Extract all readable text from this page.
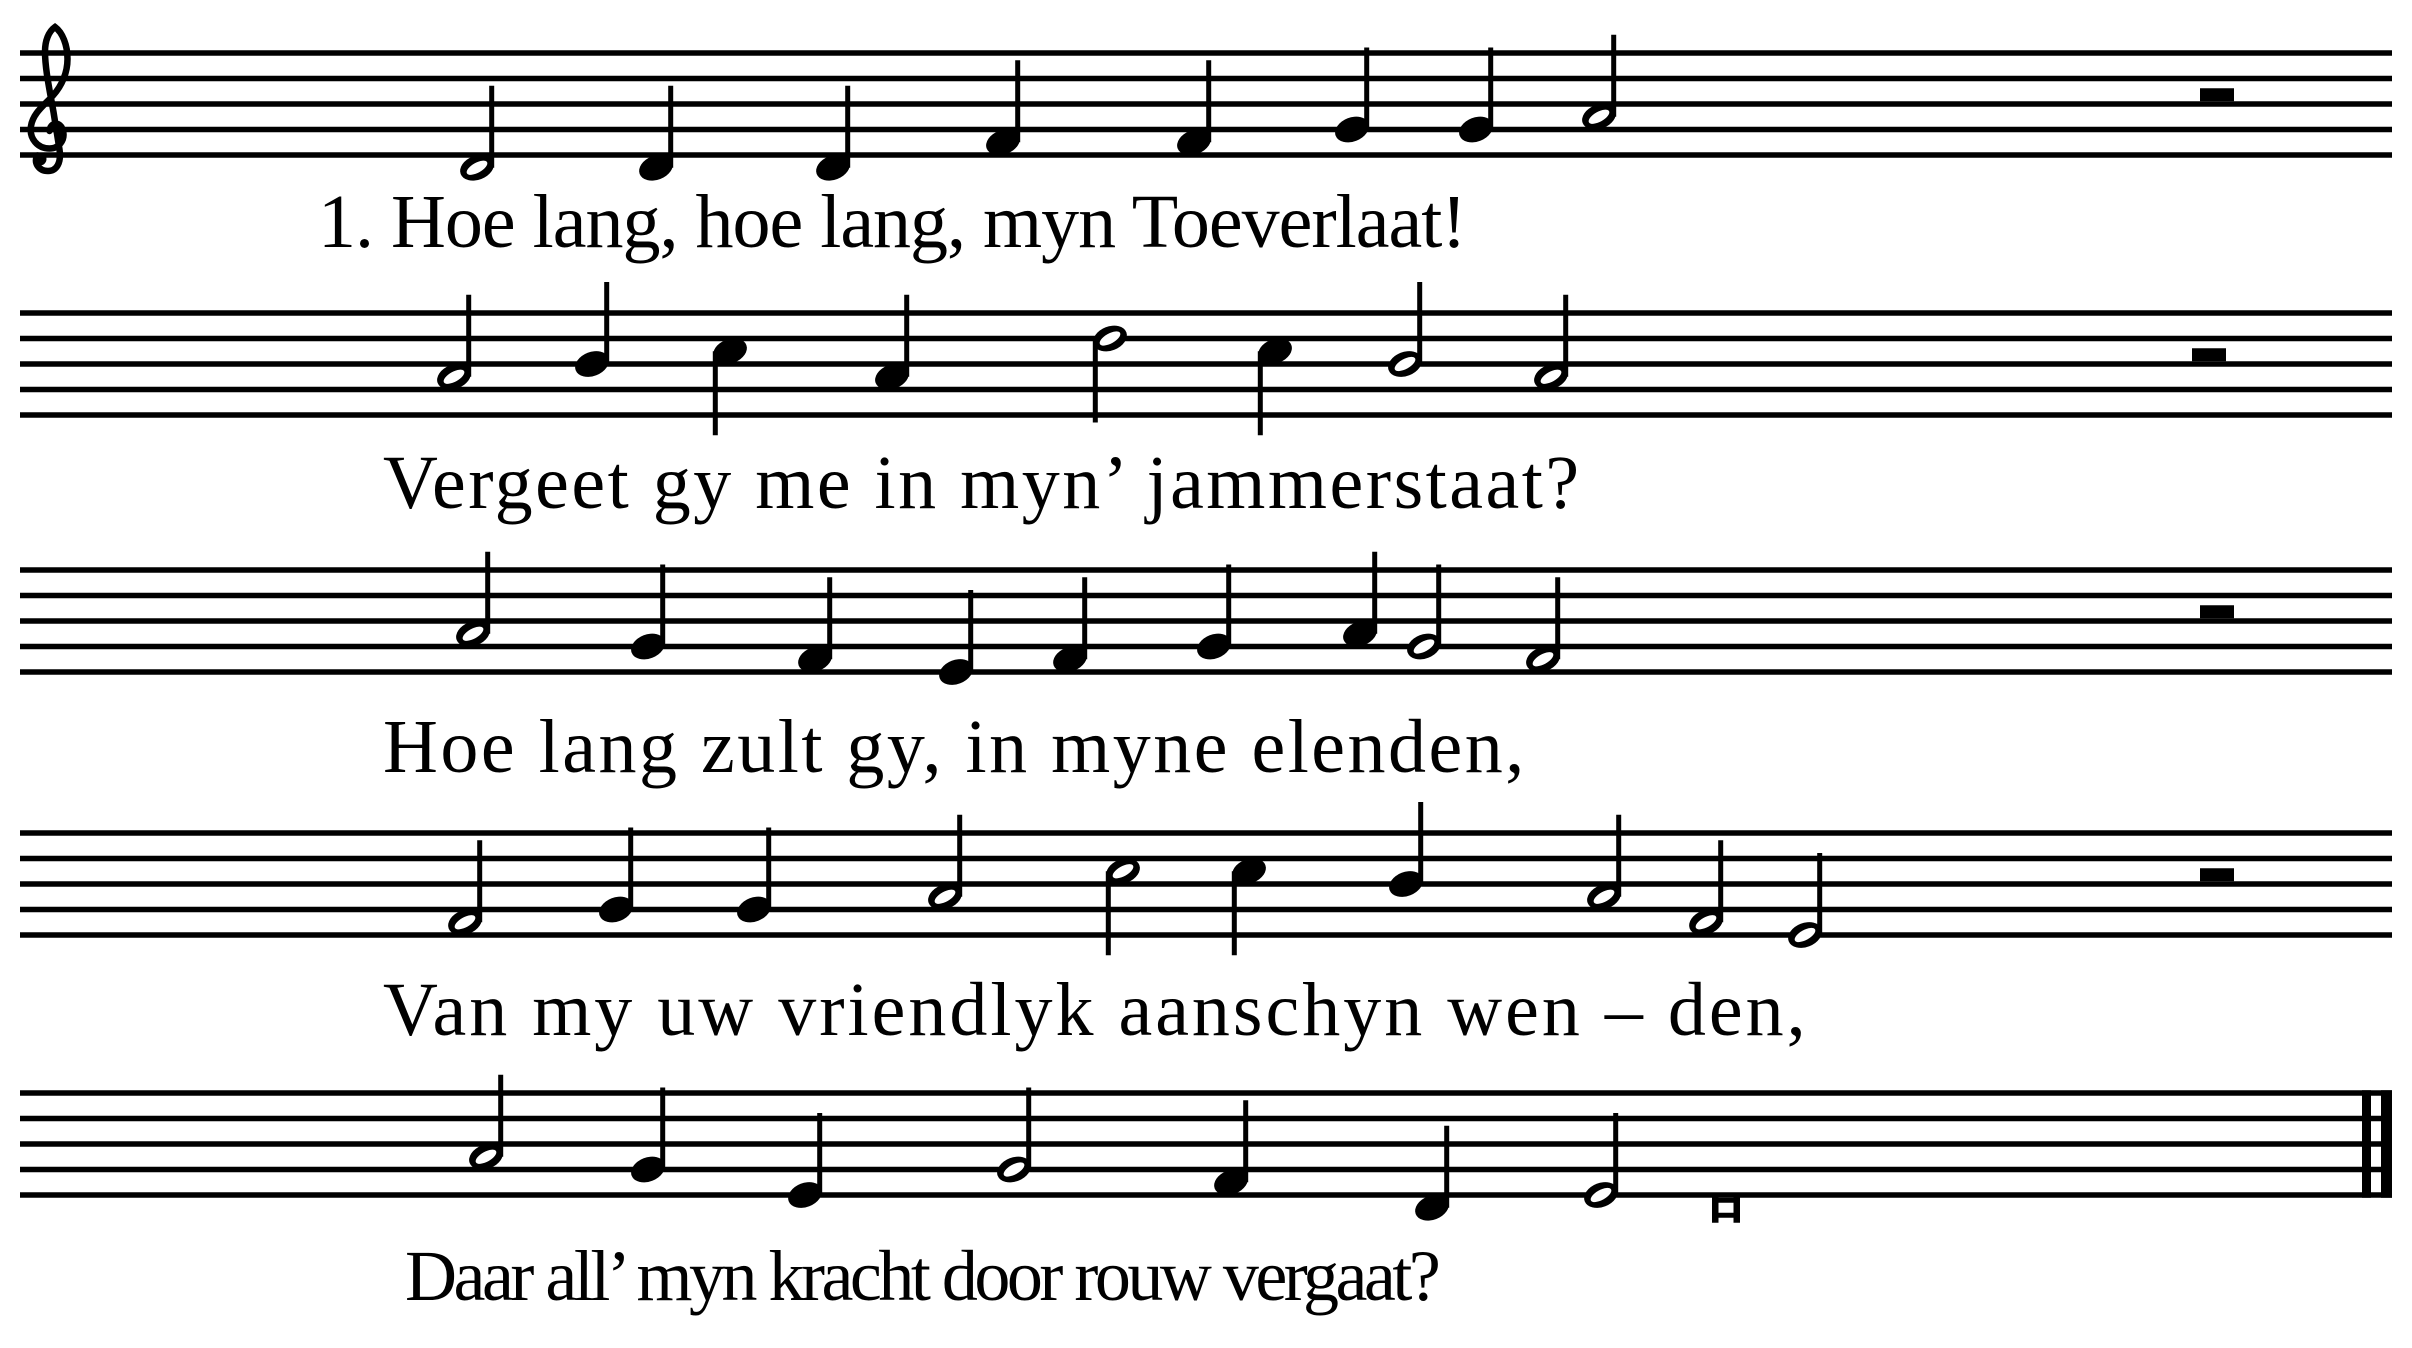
1. Hoe lang, hoe lang, myn Toeverlaat!
Vergeet gy me in myn’ jammerstaat?
Hoe lang zult gy, in myne elenden,
Van my uw vriendlyk aanschyn wen – den,
Daar all’ myn kracht door rouw vergaat?
